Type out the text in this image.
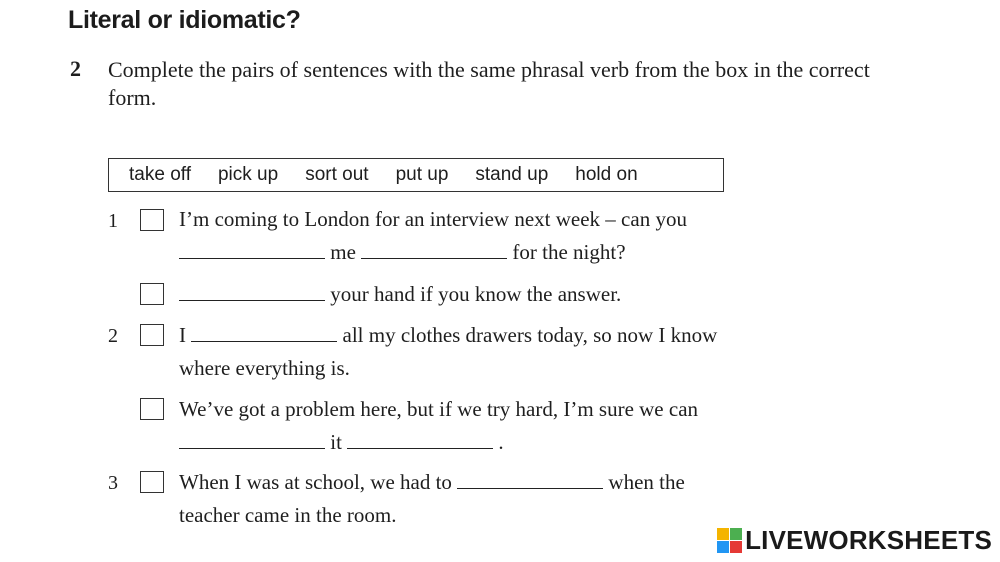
Literal or idiomatic?
2 Complete the pairs of sentences with the same phrasal verb from the box in the correct form.
take off pick up sort out put up stand up hold on
1	I’m coming to London for an interview next week – can you
me	for the night?
your hand if you know the answer.
2	I	all my clothes drawers today, so now I know
where everything is.
We’ve got a problem here, but if we try hard, I’m sure we can
it	.
3	When I was at school, we had to	when the
teacher came in the room.
LIVEWORKSHEETS
